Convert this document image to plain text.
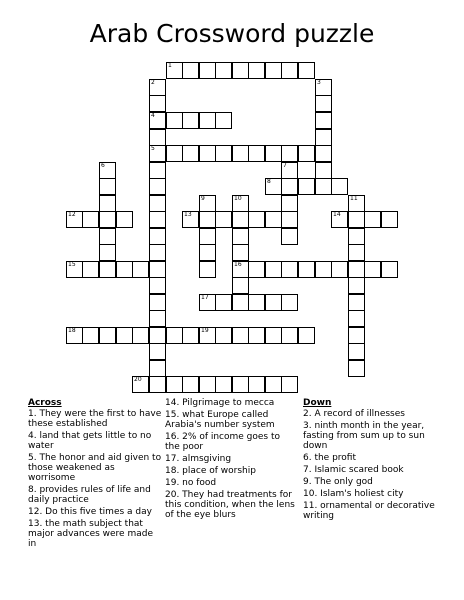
Arab Crossword puzzle
1
2	3
4
5
6	7
8
9	10	11
12	13	14
15	16
17
18	19
20
Across
1. They were the first to have these established
4. land that gets little to no water
5. The honor and aid given to those weakened as worrisome
8. provides rules of life and daily practice
12. Do this five times a day
13. the math subject that major advances were made in
14. Pilgrimage to mecca
15. what Europe called Arabia's number system
16. 2% of income goes to the poor
17. almsgiving
18. place of worship
19. no food
20. They had treatments for this condition, when the lens of the eye blurs
Down
2. A record of illnesses
3. ninth month in the year, fasting from sum up to sun down
6. the profit
7. Islamic scared book
9. The only god
10. Islam's holiest city
11. ornamental or decorative writing
